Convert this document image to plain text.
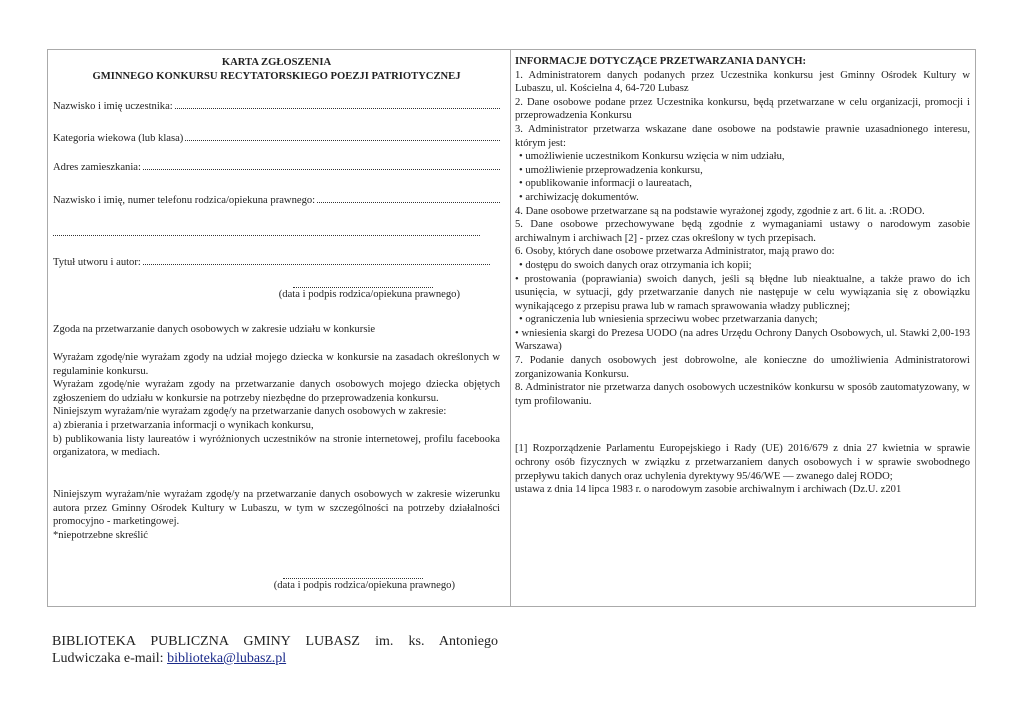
KARTA ZGŁOSZENIA
GMINNEGO KONKURSU RECYTATORSKIEGO POEZJI PATRIOTYCZNEJ
Nazwisko i imię uczestnika:
Kategoria wiekowa (lub klasa)
Adres zamieszkania:
Nazwisko i imię, numer telefonu rodzica/opiekuna prawnego:
Tytuł utworu i autor:
(data i podpis rodzica/opiekuna prawnego)
Zgoda na przetwarzanie danych osobowych w zakresie udziału w konkursie

Wyrażam zgodę/nie wyrażam zgody na udział mojego dziecka w konkursie na zasadach określonych w regulaminie konkursu.

Wyrażam zgodę/nie wyrażam zgody na przetwarzanie danych osobowych mojego dziecka objętych zgłoszeniem do udziału w konkursie na potrzeby niezbędne do przeprowadzenia konkursu.

Niniejszym wyrażam/nie wyrażam zgodę/y na przetwarzanie danych osobowych w zakresie:

a) zbierania i przetwarzania informacji o wynikach konkursu,

b) publikowania listy laureatów i wyróżnionych uczestników na stronie internetowej, profilu facebooka organizatora, w mediach.

Niniejszym wyrażam/nie wyrażam zgodę/y na przetwarzanie danych osobowych w zakresie wizerunku autora przez Gminny Ośrodek Kultury w Lubaszu, w tym w szczególności na potrzeby działalności promocyjno - marketingowej.

*niepotrzebne skreślić

(data i podpis rodzica/opiekuna prawnego)

INFORMACJE DOTYCZĄCE PRZETWARZANIA DANYCH:

1. Administratorem danych podanych przez Uczestnika konkursu jest Gminny Ośrodek Kultury w Lubaszu, ul. Kościelna 4, 64-720 Lubasz

2. Dane osobowe podane przez Uczestnika konkursu, będą przetwarzane w celu organizacji, promocji i przeprowadzenia Konkursu

3. Administrator przetwarza wskazane dane osobowe na podstawie prawnie uzasadnionego interesu, którym jest:

• umożliwienie uczestnikom Konkursu wzięcia w nim udziału,

• umożliwienie przeprowadzenia konkursu,

• opublikowanie informacji o laureatach,

• archiwizację dokumentów.

4. Dane osobowe przetwarzane są na podstawie wyrażonej zgody, zgodnie z art. 6 lit. a. :RODO.

5. Dane osobowe przechowywane będą zgodnie z wymaganiami ustawy o narodowym zasobie archiwalnym i archiwach [2] - przez czas określony w tych przepisach.

6. Osoby, których dane osobowe przetwarza Administrator, mają prawo do:

• dostępu do swoich danych oraz otrzymania ich kopii;

• prostowania (poprawiania) swoich danych, jeśli są błędne lub nieaktualne, a także prawo do ich usunięcia, w sytuacji, gdy przetwarzanie danych nie następuje w celu wywiązania się z obowiązku wynikającego z przepisu prawa lub w ramach sprawowania władzy publicznej;

• ograniczenia lub wniesienia sprzeciwu wobec przetwarzania danych;

• wniesienia skargi do Prezesa UODO (na adres Urzędu Ochrony Danych Osobowych, ul. Stawki 2,00-193 Warszawa)

7. Podanie danych osobowych jest dobrowolne, ale konieczne do umożliwienia Administratorowi zorganizowania Konkursu.

8. Administrator nie przetwarza danych osobowych uczestników konkursu w sposób zautomatyzowany, w tym profilowaniu.

[1] Rozporządzenie Parlamentu Europejskiego i Rady (UE) 2016/679 z dnia 27 kwietnia w sprawie ochrony osób fizycznych w związku z przetwarzaniem danych osobowych i w sprawie swobodnego przepływu takich danych oraz uchylenia dyrektywy 95/46/WE — zwanego dalej RODO;

ustawa z dnia 14 lipca 1983 r. o narodowym zasobie archiwalnym i archiwach (Dz.U. z201

BIBLIOTEKA PUBLICZNA GMINY LUBASZ im. ks. Antoniego Ludwiczaka e-mail: biblioteka@lubasz.pl
